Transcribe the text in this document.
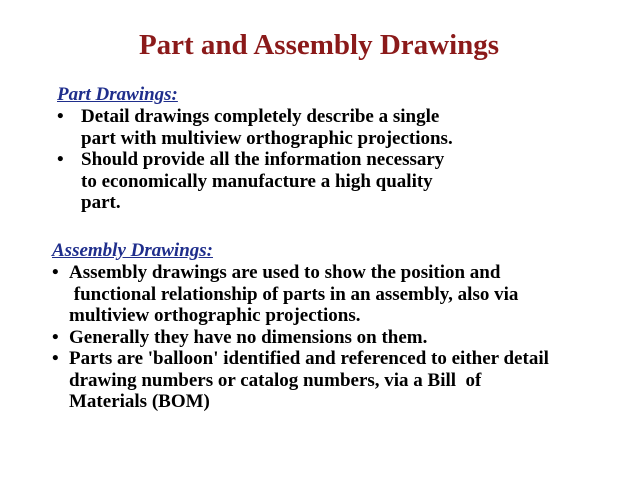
Part and Assembly Drawings
Part Drawings:
• Detail drawings completely describe a single
part with multiview orthographic projections.
• Should provide all the information necessary
to economically manufacture a high quality
part.
Assembly Drawings:
• Assembly drawings are used to show the position and
functional relationship of parts in an assembly, also via
multiview orthographic projections.
• Generally they have no dimensions on them.
• Parts are 'balloon' identified and referenced to either detail
drawing numbers or catalog numbers, via a Bill  of
Materials (BOM)
